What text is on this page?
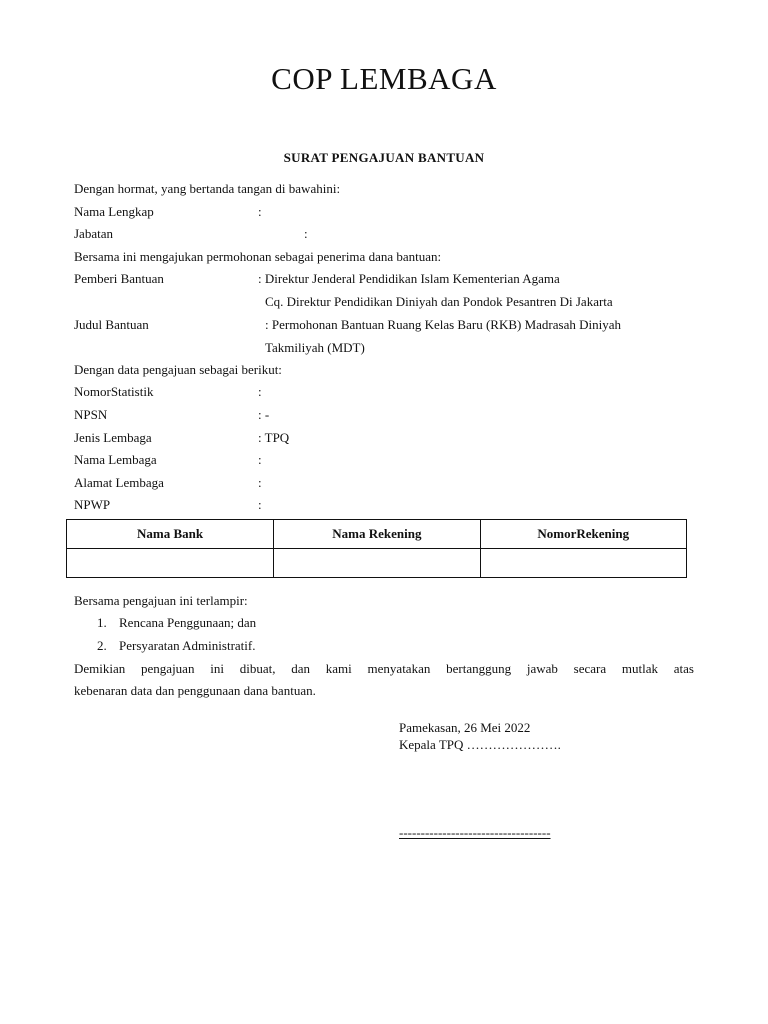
COP LEMBAGA
SURAT PENGAJUAN BANTUAN
Dengan hormat, yang bertanda tangan di bawahini:
Nama Lengkap	:
Jabatan	:
Bersama ini mengajukan permohonan sebagai penerima dana bantuan:
Pemberi Bantuan	: Direktur Jenderal Pendidikan Islam Kementerian Agama
Cq. Direktur Pendidikan Diniyah dan Pondok Pesantren Di Jakarta
Judul Bantuan	: Permohonan Bantuan Ruang Kelas Baru (RKB) Madrasah Diniyah
Takmiliyah (MDT)
Dengan data pengajuan sebagai berikut:
NomorStatistik	:
NPSN	: -
Jenis Lembaga	: TPQ
Nama Lembaga	:
Alamat Lembaga	:
NPWP	:
Nama Bank	Nama Rekening	NomorRekening

Bersama pengajuan ini terlampir:
1. Rencana Penggunaan; dan
2. Persyaratan Administratif.
Demikian pengajuan ini dibuat, dan kami menyatakan bertanggung jawab secara mutlak atas
kebenaran data dan penggunaan dana bantuan.
Pamekasan, 26 Mei 2022
Kepala TPQ ………………….
-----------------------------------
